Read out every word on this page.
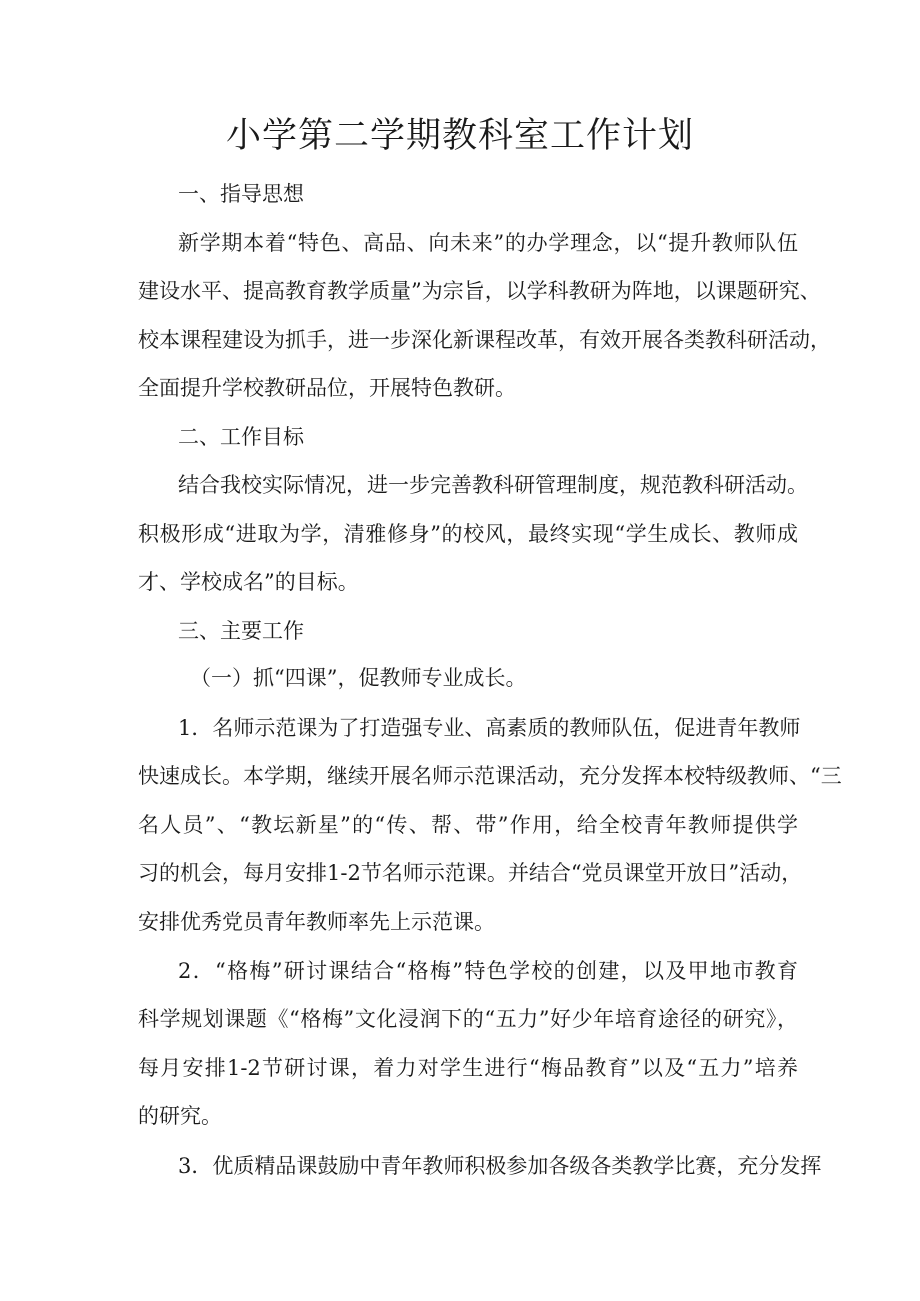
小学第二学期教科室工作计划
一、指导思想
新学期本着“特色、高品、向未来”的办学理念，以“提升教师队伍
建设水平、提高教育教学质量”为宗旨，以学科教研为阵地，以课题研究、
校本课程建设为抓手，进一步深化新课程改革，有效开展各类教科研活动，
全面提升学校教研品位，开展特色教研。
二、工作目标
结合我校实际情况，进一步完善教科研管理制度，规范教科研活动。
积极形成“进取为学，清雅修身”的校风，最终实现“学生成长、教师成
才、学校成名”的目标。
三、主要工作
（一）抓“四课”，促教师专业成长。
1．名师示范课为了打造强专业、高素质的教师队伍，促进青年教师
快速成长。本学期，继续开展名师示范课活动，充分发挥本校特级教师、“三
名人员”、“教坛新星”的“传、帮、带”作用，给全校青年教师提供学
习的机会，每月安排1-2节名师示范课。并结合“党员课堂开放日”活动，
安排优秀党员青年教师率先上示范课。
2．“格梅”研讨课结合“格梅”特色学校的创建，以及甲地市教育
科学规划课题《“格梅”文化浸润下的“五力”好少年培育途径的研究》，
每月安排1-2节研讨课，着力对学生进行“梅品教育”以及“五力”培养
的研究。
3．优质精品课鼓励中青年教师积极参加各级各类教学比赛，充分发挥
